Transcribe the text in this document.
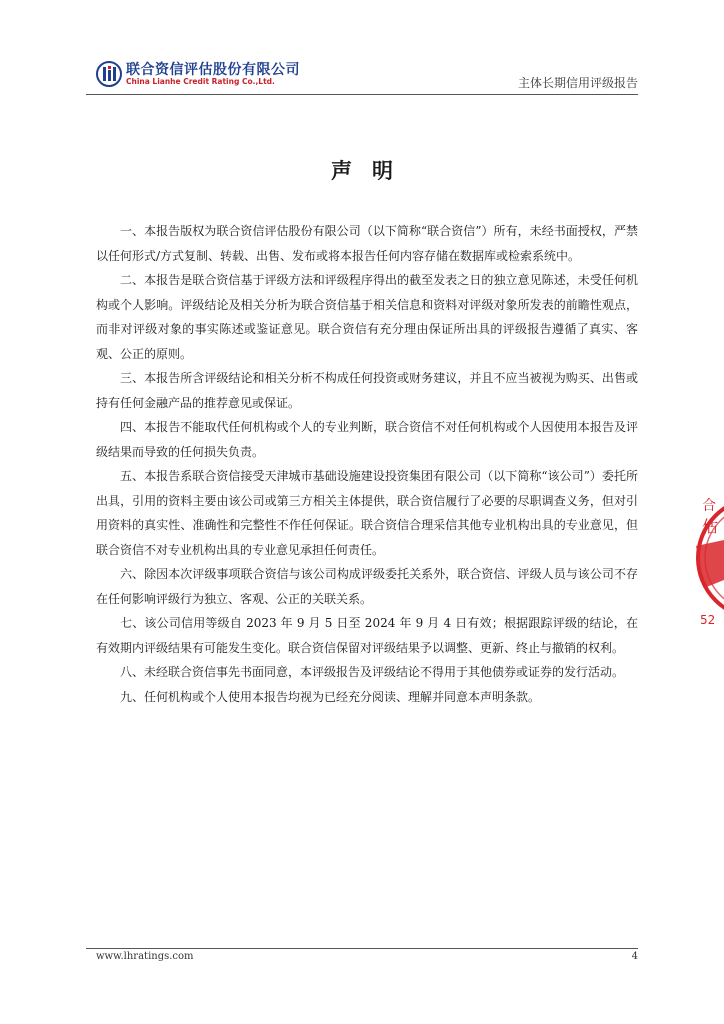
联合资信评估股份有限公司
China Lianhe Credit Rating Co.,Ltd.	主体长期信用评级报告
声明

一、本报告版权为联合资信评估股份有限公司（以下简称“联合资信”）所有，未经书面授权，严禁以任何形式/方式复制、转载、出售、发布或将本报告任何内容存储在数据库或检索系统中。

二、本报告是联合资信基于评级方法和评级程序得出的截至发表之日的独立意见陈述，未受任何机构或个人影响。评级结论及相关分析为联合资信基于相关信息和资料对评级对象所发表的前瞻性观点，而非对评级对象的事实陈述或鉴证意见。联合资信有充分理由保证所出具的评级报告遵循了真实、客观、公正的原则。

三、本报告所含评级结论和相关分析不构成任何投资或财务建议，并且不应当被视为购买、出售或持有任何金融产品的推荐意见或保证。

四、本报告不能取代任何机构或个人的专业判断，联合资信不对任何机构或个人因使用本报告及评级结果而导致的任何损失负责。

五、本报告系联合资信接受天津城市基础设施建设投资集团有限公司（以下简称“该公司”）委托所出具，引用的资料主要由该公司或第三方相关主体提供，联合资信履行了必要的尽职调查义务，但对引用资料的真实性、准确性和完整性不作任何保证。联合资信合理采信其他专业机构出具的专业意见，但联合资信不对专业机构出具的专业意见承担任何责任。

六、除因本次评级事项联合资信与该公司构成评级委托关系外，联合资信、评级人员与该公司不存在任何影响评级行为独立、客观、公正的关联关系。

七、该公司信用等级自 2023 年 9 月 5 日至 2024 年 9 月 4 日有效；根据跟踪评级的结论，在有效期内评级结果有可能发生变化。联合资信保留对评级结果予以调整、更新、终止与撤销的权利。

八、未经联合资信事先书面同意，本评级报告及评级结论不得用于其他债券或证券的发行活动。

九、任何机构或个人使用本报告均视为已经充分阅读、理解并同意本声明条款。

合
估
52
www.lhratings.com	4
